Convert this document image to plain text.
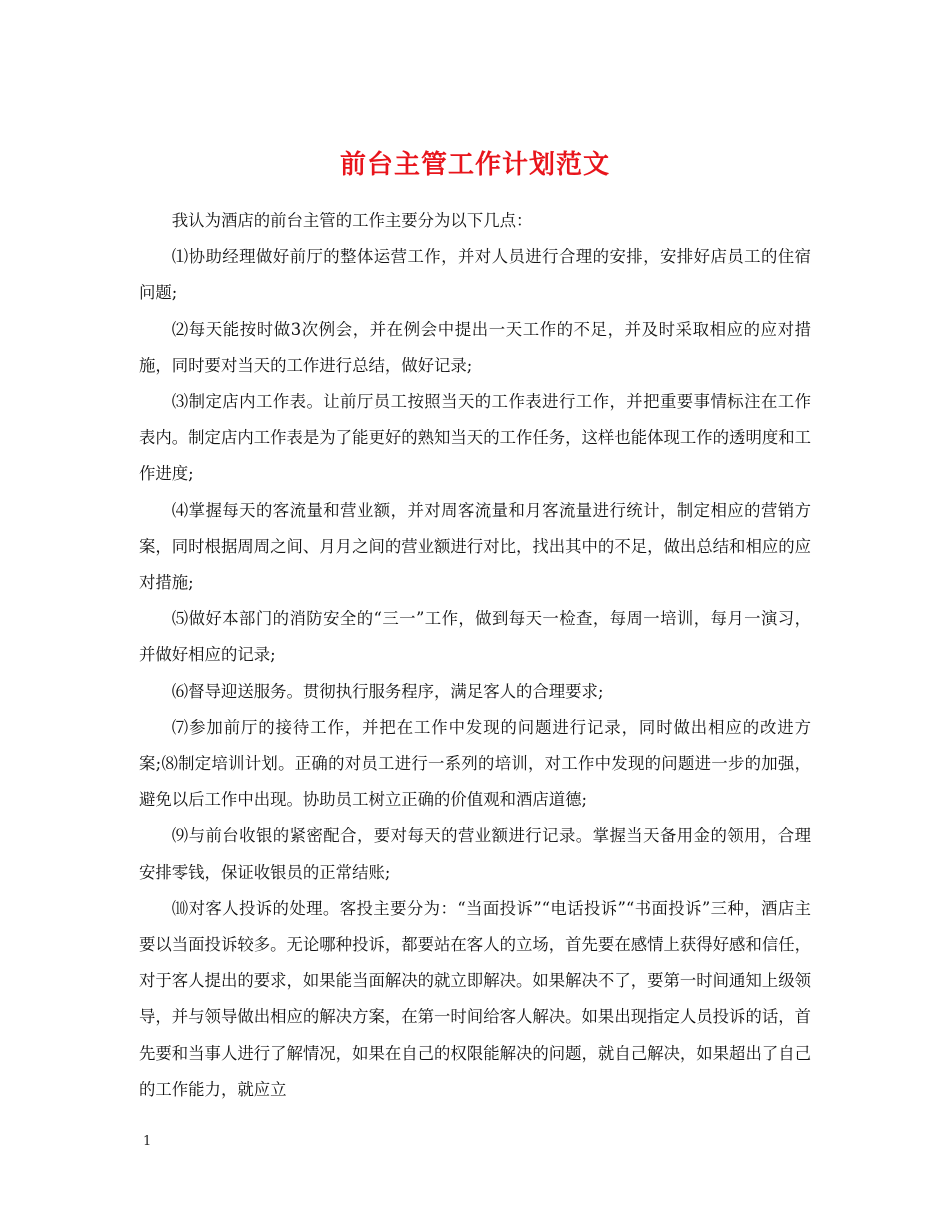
前台主管工作计划范文

我认为酒店的前台主管的工作主要分为以下几点：

⑴协助经理做好前厅的整体运营工作，并对人员进行合理的安排，安排好店员工的住宿问题;

⑵每天能按时做3次例会，并在例会中提出一天工作的不足，并及时采取相应的应对措施，同时要对当天的工作进行总结，做好记录;

⑶制定店内工作表。让前厅员工按照当天的工作表进行工作，并把重要事情标注在工作表内。制定店内工作表是为了能更好的熟知当天的工作任务，这样也能体现工作的透明度和工作进度;

⑷掌握每天的客流量和营业额，并对周客流量和月客流量进行统计，制定相应的营销方案，同时根据周周之间、月月之间的营业额进行对比，找出其中的不足，做出总结和相应的应对措施;

⑸做好本部门的消防安全的“三一”工作，做到每天一检查，每周一培训，每月一演习，并做好相应的记录;

⑹督导迎送服务。贯彻执行服务程序，满足客人的合理要求;

⑺参加前厅的接待工作，并把在工作中发现的问题进行记录，同时做出相应的改进方案;⑻制定培训计划。正确的对员工进行一系列的培训，对工作中发现的问题进一步的加强，避免以后工作中出现。协助员工树立正确的价值观和酒店道德;

⑼与前台收银的紧密配合，要对每天的营业额进行记录。掌握当天备用金的领用，合理安排零钱，保证收银员的正常结账;

⑽对客人投诉的处理。客投主要分为：“当面投诉”“电话投诉”“书面投诉”三种，酒店主要以当面投诉较多。无论哪种投诉，都要站在客人的立场，首先要在感情上获得好感和信任，对于客人提出的要求，如果能当面解决的就立即解决。如果解决不了，要第一时间通知上级领导，并与领导做出相应的解决方案，在第一时间给客人解决。如果出现指定人员投诉的话，首先要和当事人进行了解情况，如果在自己的权限能解决的问题，就自己解决，如果超出了自己的工作能力，就应立

1
